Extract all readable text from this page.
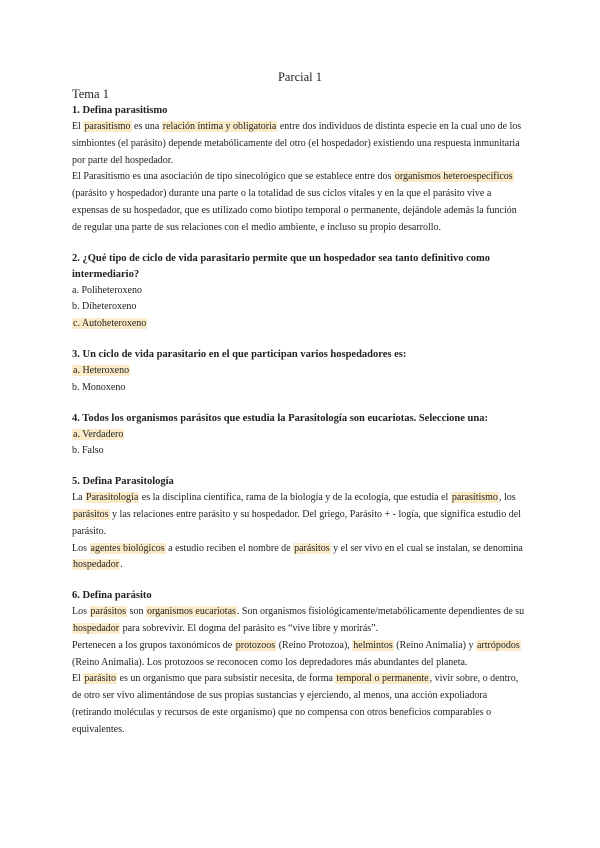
Parcial 1
Tema 1
1. Defina parasitismo

El parasitismo es una relación íntima y obligatoria entre dos individuos de distinta especie en la cual uno de los simbiontes (el parásito) depende metabólicamente del otro (el hospedador) existiendo una respuesta inmunitaria por parte del hospedador.

El Parasitismo es una asociación de tipo sinecológico que se establece entre dos organismos heteroespecíficos (parásito y hospedador) durante una parte o la totalidad de sus ciclos vitales y en la que el parásito vive a expensas de su hospedador, que es utilizado como biotipo temporal o permanente, dejándole además la función de regular una parte de sus relaciones con el medio ambiente, e incluso su propio desarrollo.

2. ¿Qué tipo de ciclo de vida parasitario permite que un hospedador sea tanto definitivo como intermediario?
a. Poliheteroxeno
b. Diheteroxeno
c. Autoheteroxeno
3. Un ciclo de vida parasitario en el que participan varios hospedadores es:
a. Heteroxeno
b. Monoxeno
4. Todos los organismos parásitos que estudia la Parasitología son eucariotas. Seleccione una:
a. Verdadero
b. Falso
5. Defina Parasitología

La Parasitología es la disciplina científica, rama de la biología y de la ecología, que estudia el parasitismo, los parásitos y las relaciones entre parásito y su hospedador. Del griego, Parásito + - logía, que significa estudio del parásito.

Los agentes biológicos a estudio reciben el nombre de parásitos y el ser vivo en el cual se instalan, se denomina hospedador.

6. Defina parásito

Los parásitos son organismos eucariotas. Son organismos fisiológicamente/metabólicamente dependientes de su hospedador para sobrevivir. El dogma del parásito es “vive libre y morirás”.

Pertenecen a los grupos taxonómicos de protozoos (Reino Protozoa), helmintos (Reino Animalia) y artrópodos (Reino Animalia). Los protozoos se reconocen como los depredadores más abundantes del planeta.

El parásito es un organismo que para subsistir necesita, de forma temporal o permanente, vivir sobre, o dentro, de otro ser vivo alimentándose de sus propias sustancias y ejerciendo, al menos, una acción expoliadora (retirando moléculas y recursos de este organismo) que no compensa con otros beneficios comparables o equivalentes.
